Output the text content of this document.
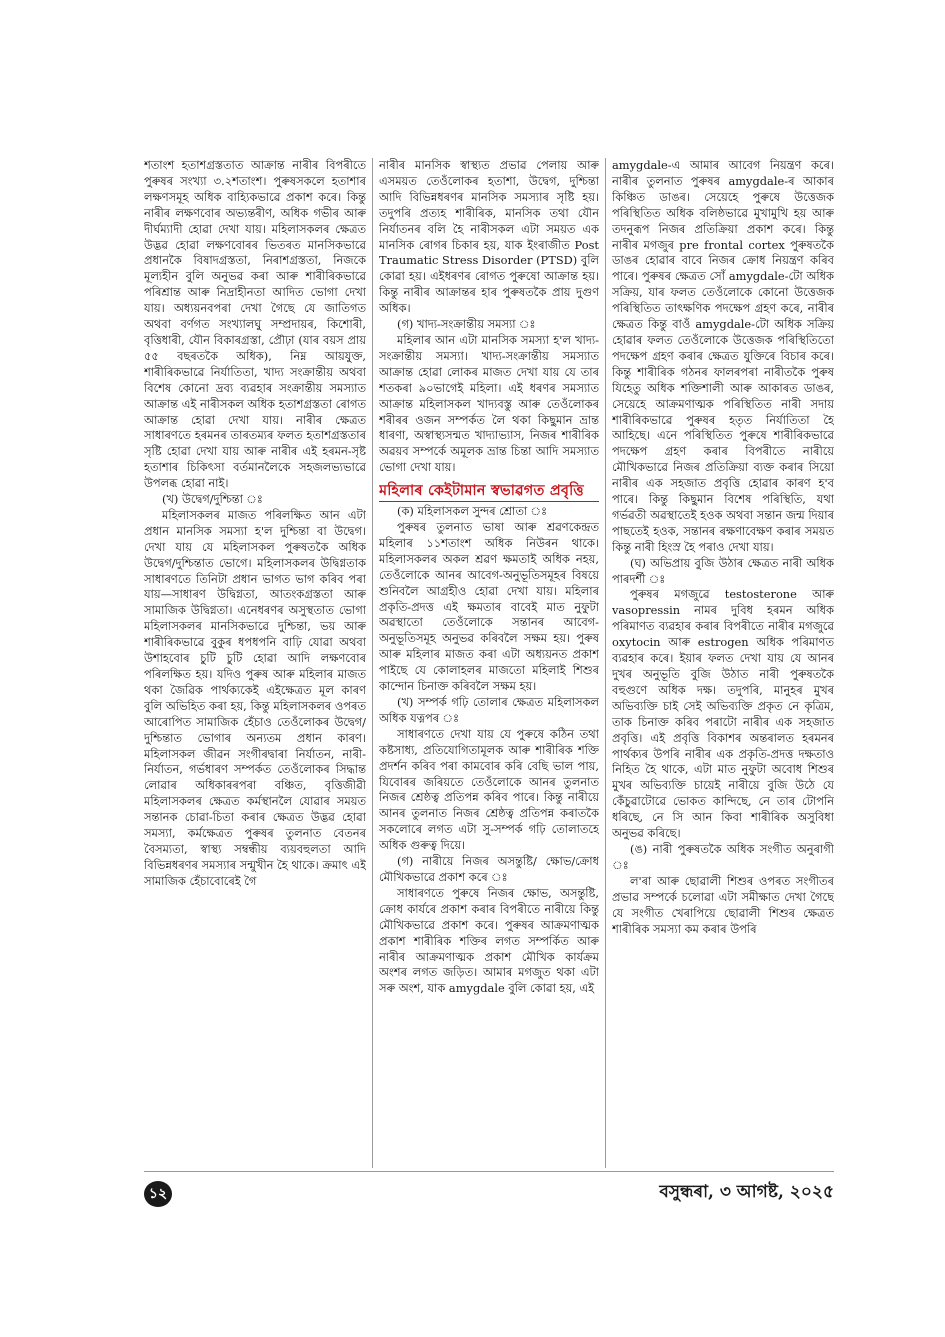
শতাংশ হতাশগ্ৰস্ততাত আক্ৰান্ত নাৰীৰ বিপৰীতে পুৰুষৰ সংখ্যা ৩.২শতাংশ। পুৰুষসকলে হতাশাৰ লক্ষণসমূহ অধিক বাহ্যিকভাৱে প্ৰকাশ কৰে। কিন্তু নাৰীৰ লক্ষণবোৰ অভ্যন্তৰীণ, অধিক গভীৰ আৰু দীৰ্ঘম্যাদী হোৱা দেখা যায়। মহিলাসকলৰ ক্ষেত্ৰত উদ্ভৱ হোৱা লক্ষণবোৰৰ ভিতৰত মানসিকভাৱে প্ৰধানকৈ বিষাদগ্ৰস্ততা, নিৰাশগ্ৰস্ততা, নিজকে মূল্যহীন বুলি অনুভৱ কৰা আৰু শাৰীৰিকভাৱে পৰিশ্ৰান্ত আৰু নিদ্ৰাহীনতা আদিত ভোগা দেখা যায়। অধ্যয়নবপৰা দেখা গৈছে যে জাতিগত অথবা বৰ্ণগত সংখ্যালঘু সম্প্ৰদায়ৰ, কিশোৰী, বৃত্তিধাৰী, যৌন বিকাৰগ্ৰস্তা, প্ৰৌঢ়া (যাৰ বয়স প্ৰায় ৫৫ বছৰতকৈ অধিক), নিম্ন আয়যুক্ত, শাৰীৰিকভাৱে নিৰ্যাতিতা, খাদ্য সংক্ৰান্তীয় অথবা বিশেষ কোনো দ্ৰব্য ব্যৱহাৰ সংক্ৰান্তীয় সমস্যাত আক্ৰান্ত এই নাৰীসকল অধিক হতাশগ্ৰস্ততা ৰোগত আক্ৰান্ত হোৱা দেখা যায়। নাৰীৰ ক্ষেত্ৰত সাধাৰণতে হৰমনৰ তাৰতম্যৰ ফলত হতাশগ্ৰস্ততাৰ সৃষ্টি হোৱা দেখা যায় আৰু নাৰীৰ এই হৰমন-সৃষ্ট হতাশাৰ চিকিৎসা বৰ্তমানলৈকে সহজলভ্যভাৱে উপলব্ধ হোৱা নাই।

(খ) উদ্বেগ/দুশ্চিন্তা ঃ

মহিলাসকলৰ মাজত পৰিলক্ষিত আন এটা প্ৰধান মানসিক সমস্যা হ'ল দুশ্চিন্তা বা উদ্বেগ। দেখা যায় যে মহিলাসকল পুৰুষতকৈ অধিক উদ্বেগ/দুশ্চিন্তাত ভোগে। মহিলাসকলৰ উদ্বিগ্নতাক সাধাৰণতে তিনিটা প্ৰধান ভাগত ভাগ কৰিব পৰা যায়—সাধাৰণ উদ্বিগ্নতা, আতংকগ্ৰস্ততা আৰু সামাজিক উদ্বিগ্নতা। এনেধৰণৰ অসুস্থতাত ভোগা মহিলাসকলৰ মানসিকভাৱে দুশ্চিন্তা, ভয় আৰু শাৰীৰিকভাৱে বুকুৰ ধপধপনি বাঢ়ি যোৱা অথবা উশাহবোৰ চুটি চুটি হোৱা আদি লক্ষণবোৰ পৰিলক্ষিত হয়। যদিও পুৰুষ আৰু মহিলাৰ মাজত থকা জৈৱিক পাৰ্থক্যকেই এইক্ষেত্ৰত মূল কাৰণ বুলি অভিহিত কৰা হয়, কিন্তু মহিলাসকলৰ ওপৰত আৰোপিত সামাজিক হেঁচাও তেওঁলোকৰ উদ্বেগ/দুশ্চিন্তাত ভোগাৰ অন্যতম প্ৰধান কাৰণ। মহিলাসকল জীৱন সংগীৰদ্বাৰা নিৰ্যাতন, নাৰী-নিৰ্যাতন, গৰ্ভধাৰণ সম্পৰ্কত তেওঁলোকৰ সিদ্ধান্ত লোৱাৰ অধিকাৰৰপৰা বঞ্চিত, বৃত্তিজীৱী মহিলাসকলৰ ক্ষেত্ৰত কৰ্মস্থানলৈ যোৱাৰ সময়ত সন্তানক চোৱা-চিতা কৰাৰ ক্ষেত্ৰত উদ্ভৱ হোৱা সমস্যা, কৰ্মক্ষেত্ৰত পুৰুষৰ তুলনাত বেতনৰ বৈসম্যতা, স্বাস্থ্য সম্বন্ধীয় ব্যয়বহুলতা আদি বিভিন্নধৰণৰ সমস্যাৰ সন্মুখীন হৈ থাকে। ক্ৰমাৎ এই সামাজিক হেঁচাবোৰেই গৈ

নাৰীৰ মানসিক স্বাস্থ্যত প্ৰভাৱ পেলায় আৰু এসময়ত তেওঁলোকৰ হতাশা, উদ্বেগ, দুশ্চিন্তা আদি বিভিন্নধৰণৰ মানসিক সমস্যাৰ সৃষ্টি হয়। তদুপৰি প্ৰত্যহ শাৰীৰিক, মানসিক তথা যৌন নিৰ্যাতনৰ বলি হৈ নাৰীসকল এটা সময়ত এক মানসিক ৰোগৰ চিকাৰ হয়, যাক ইংৰাজীত Post Traumatic Stress Disorder (PTSD) বুলি কোৱা হয়। এইধৰণৰ ৰোগত পুৰুষো আক্ৰান্ত হয়। কিন্তু নাৰীৰ আক্ৰান্তৰ হাৰ পুৰুষতকৈ প্ৰায় দুগুণ অধিক।

(গ) খাদ্য-সংক্ৰান্তীয় সমস্যা ঃ

মহিলাৰ আন এটা মানসিক সমস্যা হ'ল খাদ্য-সংক্ৰান্তীয় সমস্যা। খাদ্য-সংক্ৰান্তীয় সমস্যাত আক্ৰান্ত হোৱা লোকৰ মাজত দেখা যায় যে তাৰ শতকৰা ৯০ভাগেই মহিলা। এই ধৰণৰ সমস্যাত আক্ৰান্ত মহিলাসকল খাদ্যবস্তু আৰু তেওঁলোকৰ শৰীৰৰ ওজন সম্পৰ্কত লৈ থকা কিছুমান ভ্ৰান্ত ধাৰণা, অস্বাস্থ্যসন্মত খাদ্যাভ্যাস, নিজৰ শাৰীৰিক অৱয়ব সম্পৰ্কে অমূলক ভ্ৰান্ত চিন্তা আদি সমস্যাত ভোগা দেখা যায়।

মহিলাৰ কেইটামান স্বভাৱগত প্ৰবৃত্তি

(ক) মহিলাসকল সুন্দৰ শ্ৰোতা ঃ

পুৰুষৰ তুলনাত ভাষা আৰু শ্ৰৱণকেন্দ্ৰত মহিলাৰ ১১শতাংশ অধিক নিউৰন থাকে। মহিলাসকলৰ অকল শ্ৰৱণ ক্ষমতাই অধিক নহয়, তেওঁলোকে আনৰ আবেগ-অনুভূতিসমূহৰ বিষয়ে শুনিবলৈ আগ্ৰহীও হোৱা দেখা যায়। মহিলাৰ প্ৰকৃতি-প্ৰদত্ত এই ক্ষমতাৰ বাবেই মাত নুফুটা অৱস্থাতো তেওঁলোকে সন্তানৰ আবেগ-অনুভূতিসমূহ অনুভৱ কৰিবলৈ সক্ষম হয়। পুৰুষ আৰু মহিলাৰ মাজত কৰা এটা অধ্যয়নত প্ৰকাশ পাইছে যে কোলাহলৰ মাজতো মহিলাই শিশুৰ কান্দোন চিনাক্ত কৰিবলৈ সক্ষম হয়।

(খ) সম্পৰ্ক গঢ়ি তোলাৰ ক্ষেত্ৰত মহিলাসকল অধিক যত্নপৰ ঃ

সাধাৰণতে দেখা যায় যে পুৰুষে কঠিন তথা কষ্টসাধ্য, প্ৰতিযোগিতামূলক আৰু শাৰীৰিক শক্তি প্ৰদৰ্শন কৰিব পৰা কামবোৰ কৰি বেছি ভাল পায়, যিবোৰৰ জৰিয়তে তেওঁলোকে আনৰ তুলনাত নিজৰ শ্ৰেষ্ঠত্ব প্ৰতিপন্ন কৰিব পাৰে। কিন্তু নাৰীয়ে আনৰ তুলনাত নিজৰ শ্ৰেষ্ঠত্ব প্ৰতিপন্ন কৰাতকৈ সকলোৰে লগত এটা সু-সম্পৰ্ক গঢ়ি তোলাতহে অধিক গুৰুত্ব দিয়ে।

(গ) নাৰীয়ে নিজৰ অসন্তুষ্টি/ ক্ষোভ/ক্ৰোধ মৌখিকভাৱে প্ৰকাশ কৰে ঃ

সাধাৰণতে পুৰুষে নিজৰ ক্ষোভ, অসন্তুষ্টি, ক্ৰোধ কাৰ্যৰে প্ৰকাশ কৰাৰ বিপৰীতে নাৰীয়ে কিন্তু মৌখিকভাৱে প্ৰকাশ কৰে। পুৰুষৰ আক্ৰমণাত্মক প্ৰকাশ শাৰীৰিক শক্তিৰ লগত সম্পৰ্কিত আৰু নাৰীৰ আক্ৰমণাত্মক প্ৰকাশ মৌখিক কাৰ্যক্ৰম অংশৰ লগত জড়িত। আমাৰ মগজুত থকা এটা সৰু অংশ, যাক amygdale বুলি কোৱা হয়, এই

amygdale-এ আমাৰ আবেগ নিয়ন্ত্ৰণ কৰে। নাৰীৰ তুলনাত পুৰুষৰ amygdale-ৰ আকাৰ কিঞ্চিত ডাঙৰ। সেয়েহে পুৰুষে উত্তেজক পৰিস্থিতিত অধিক বলিষ্ঠভাৱে মুখামুখি হয় আৰু তদনুৰূপ নিজৰ প্ৰতিক্ৰিয়া প্ৰকাশ কৰে। কিন্তু নাৰীৰ মগজুৰ pre frontal cortex পুৰুষতকৈ ডাঙৰ হোৱাৰ বাবে নিজৰ ক্ৰোধ নিয়ন্ত্ৰণ কৰিব পাৰে। পুৰুষৰ ক্ষেত্ৰত সোঁ amygdale-টো অধিক সক্ৰিয়, যাৰ ফলত তেওঁলোকে কোনো উত্তেজক পৰিস্থিতিত তাৎক্ষণিক পদক্ষেপ গ্ৰহণ কৰে, নাৰীৰ ক্ষেত্ৰত কিন্তু বাওঁ amygdale-টো অধিক সক্ৰিয় হোৱাৰ ফলত তেওঁলোকে উত্তেজক পৰিস্থিতিতো পদক্ষেপ গ্ৰহণ কৰাৰ ক্ষেত্ৰত যুক্তিৰে বিচাৰ কৰে। কিন্তু শাৰীৰিক গঠনৰ ফালৰপৰা নাৰীতকৈ পুৰুষ যিহেতু অধিক শক্তিশালী আৰু আকাৰত ডাঙৰ, সেয়েহে আক্ৰমণাত্মক পৰিস্থিতিত নাৰী সদায় শাৰীৰিকভাৱে পুৰুষৰ হতৃত নিৰ্যাতিতা হৈ আহিছে। এনে পৰিস্থিতিত পুৰুষে শাৰীৰিকভাৱে পদক্ষেপ গ্ৰহণ কৰাৰ বিপৰীতে নাৰীয়ে মৌখিকভাৱে নিজৰ প্ৰতিক্ৰিয়া ব্যক্ত কৰাৰ সিয়ো নাৰীৰ এক সহজাত প্ৰবৃত্তি হোৱাৰ কাৰণ হ'ব পাৰে। কিন্তু কিছুমান বিশেষ পৰিস্থিতি, যথা গৰ্ভৱতী অৱস্থাতেই হওক অথবা সন্তান জন্ম দিয়াৰ পাছতেই হওক, সন্তানৰ ৰক্ষণাবেক্ষণ কৰাৰ সময়ত কিন্তু নাৰী হিংস্ৰ হৈ পৰাও দেখা যায়।

(ঘ) অভিপ্ৰায় বুজি উঠাৰ ক্ষেত্ৰত নাৰী অধিক পাৰদৰ্শী ঃ

পুৰুষৰ মগজুৱে testosterone আৰু vasopressin নামৰ দুবিধ হৰমন অধিক পৰিমাণত ব্যৱহাৰ কৰাৰ বিপৰীতে নাৰীৰ মগজুৱে oxytocin আৰু estrogen অধিক পৰিমাণত ব্যৱহাৰ কৰে। ইয়াৰ ফলত দেখা যায় যে আনৰ দুখৰ অনুভূতি বুজি উঠাত নাৰী পুৰুষতকৈ বহুগুণে অধিক দক্ষ। তদুপৰি, মানুহৰ মুখৰ অভিব্যক্তি চাই সেই অভিব্যক্তি প্ৰকৃত নে কৃত্ৰিম, তাক চিনাক্ত কৰিব পৰাটো নাৰীৰ এক সহজাত প্ৰবৃত্তি। এই প্ৰবৃত্তি বিকাশৰ অন্তৰালত হৰমনৰ পাৰ্থক্যৰ উপৰি নাৰীৰ এক প্ৰকৃতি-প্ৰদত্ত দক্ষতাও নিহিত হৈ থাকে, এটা মাত নুফুটা অবোধ শিশুৰ মুখৰ অভিব্যক্তি চায়েই নাৰীয়ে বুজি উঠে যে কেঁচুৱাটোৱে ভোকত কান্দিছে, নে তাৰ টোপনি ধৰিছে, নে সি আন কিবা শাৰীৰিক অসুবিধা অনুভৱ কৰিছে।

(ঙ) নাৰী পুৰুষতকৈ অধিক সংগীত অনুৰাগী ঃ

ল'ৰা আৰু ছোৱালী শিশুৰ ওপৰত সংগীতৰ প্ৰভাৱ সম্পৰ্কে চলোৱা এটা সমীক্ষাত দেখা গৈছে যে সংগীত খেৰাপিয়ে ছোৱালী শিশুৰ ক্ষেত্ৰত শাৰীৰিক সমস্যা কম কৰাৰ উপৰি

১২	বসুন্ধৰা, ৩ আগষ্ট, ২০২৫
